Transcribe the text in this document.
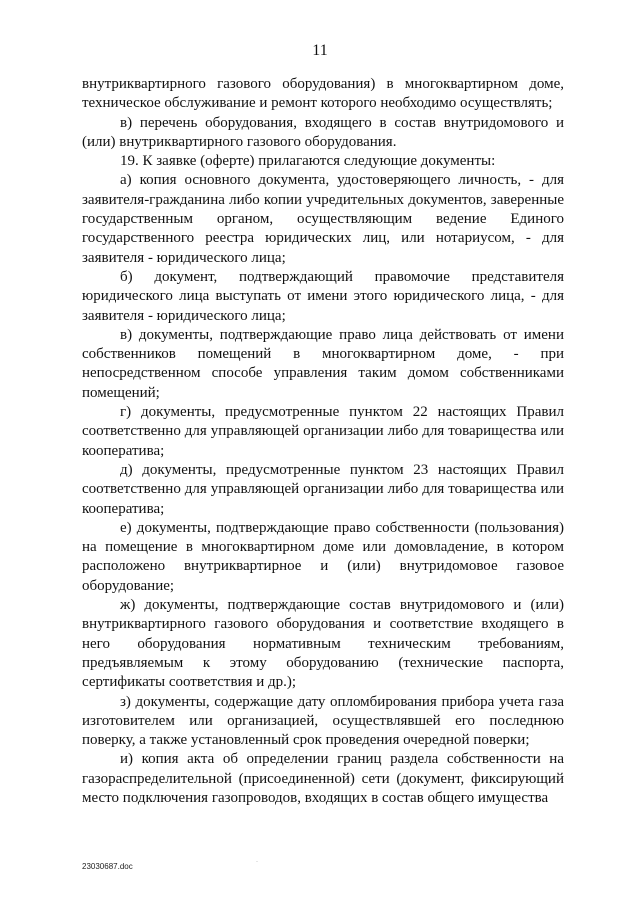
11

внутриквартирного газового оборудования) в многоквартирном доме, техническое обслуживание и ремонт которого необходимо осуществлять;

в) перечень оборудования, входящего в состав внутридомового и (или) внутриквартирного газового оборудования.

19. К заявке (оферте) прилагаются следующие документы:

а) копия основного документа, удостоверяющего личность, - для заявителя-гражданина либо копии учредительных документов, заверенные государственным органом, осуществляющим ведение Единого государственного реестра юридических лиц, или нотариусом, - для заявителя - юридического лица;

б) документ, подтверждающий правомочие представителя юридического лица выступать от имени этого юридического лица, - для заявителя - юридического лица;

в) документы, подтверждающие право лица действовать от имени собственников помещений в многоквартирном доме, - при непосредственном способе управления таким домом собственниками помещений;

г) документы, предусмотренные пунктом 22 настоящих Правил соответственно для управляющей организации либо для товарищества или кооператива;

д) документы, предусмотренные пунктом 23 настоящих Правил соответственно для управляющей организации либо для товарищества или кооператива;

е) документы, подтверждающие право собственности (пользования) на помещение в многоквартирном доме или домовладение, в котором расположено внутриквартирное и (или) внутридомовое газовое оборудование;

ж) документы, подтверждающие состав внутридомового и (или) внутриквартирного газового оборудования и соответствие входящего в него оборудования нормативным техническим требованиям, предъявляемым к этому оборудованию (технические паспорта, сертификаты соответствия и др.);

з) документы, содержащие дату опломбирования прибора учета газа изготовителем или организацией, осуществлявшей его последнюю поверку, а также установленный срок проведения очередной поверки;

и) копия акта об определении границ раздела собственности на газораспределительной (присоединенной) сети (документ, фиксирующий место подключения газопроводов, входящих в состав общего имущества

·
23030687.doc
